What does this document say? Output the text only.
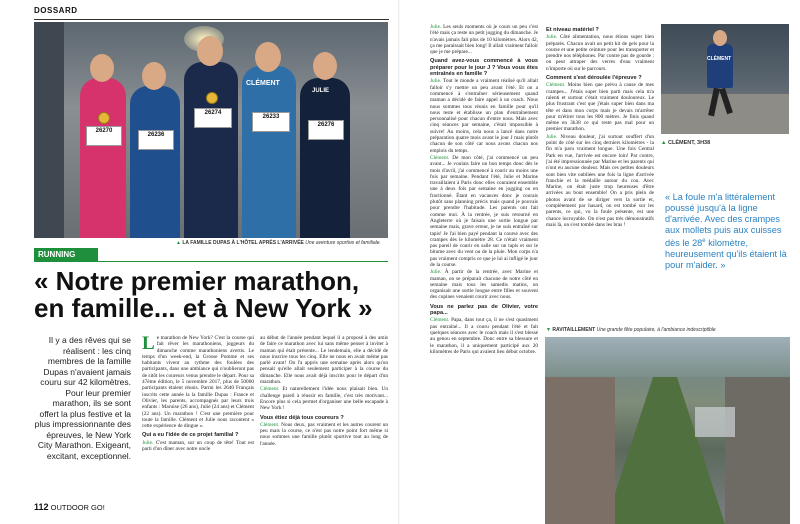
DOSSARD
26270
26236
26274
CLÉMENT
26233
JULIE
26276
▲ LA FAMILLE DUPAS À L'HÔTEL APRÈS L'ARRIVÉE Une aventure sportive et familiale.
RUNNING
« Notre premier marathon, en famille... et à New York »
Il y a des rêves qui se réalisent : les cinq membres de la famille Dupas n'avaient jamais couru sur 42 kilomètres. Pour leur premier marathon, ils se sont offert la plus festive et la plus impressionnante des épreuves, le New York City Marathon. Exigeant, excitant, exceptionnel.

Le marathon de New York? C'est la course qui fait rêver les marathoniens, joggeurs du dimanche comme marathoniens avertis. Le temps d'un week-end, la Grosse Pomme et ses habitants vivent au rythme des foulées des participants, dans une ambiance qui n'oublieront pas de sitôt les coureurs venus prendre le départ. Pour sa 47ème édition, le 5 novembre 2017, plus de 50000 participants étaient réunis. Parmi les 2640 Français inscrits cette année la la famille Dupas : France et Olivier, les parents, accompagnés par leurs trois enfants : Maruise (26 ans), Julie (24 ans) et Clément (22 ans). Un marathon ! C'est une première pour toute la famille. Clément et Julie nous racontent « cette expérience de dingue ».

Qui a eu l'idée de ce projet familial ?

Julie. C'est maman, sur un coup de tête! Tout est parti d'un dîner avec notre oncle

au début de l'année pendant lequel il a proposé à des amis de faire ce marathon avec lui sans même penser à inviter à maman qui était présente... Le lendemain, elle a décidé de nous inscrire tous les cinq. Elle ne nous en avait même pas parlé avant! On l'a appris une semaine après alors qu'on pensait qu'elle allait seulement participer à la course du dimanche. Elle nous avait déjà inscrits pour le départ d'un marathon.

Clément. Et naturellement l'idée nous plaisait bien. Un challenge pareil à réussir en famille, c'est très motivant... Encore plus si cela permet d'organiser une belle escapade à New York !

Vous étiez déjà tous coureurs ?

Clément. Nous deux, pas vraiment et les autres courent un peu mais la course, ce n'est pas notre point fort même si nous sommes une famille plutôt sportive tout au long de l'année.

112 OUTDOOR GO!

Julie. Les seuls moments où je cours un peu c'est l'été mais ça reste un petit jogging du dimanche. Je n'avais jamais fait plus de 10 kilomètres. Alors 42, ça me paraissait bien long! Il allait vraiment falloir que je me prépare...

Quand avez-vous commencé à vous préparer pour le jour J ? Vous vous êtes entraînés en famille ?

Julie. Tout le monde a vraiment réalisé qu'il allait falloir s'y mettre un peu avant l'été. Et on a commencé à s'entraîner sérieusement quand maman a décidé de faire appel à un coach. Nous nous sommes tous réunis en famille pour qu'il nous teste et établisse un plan d'entraînement personnalisé pour chacun d'entre nous. Mais avec cinq séances par semaine, c'était impossible à suivre! Au moins, cela nous a lancé dans notre préparation quatre mois avant le jour J mais plutôt chacun de son côté car nous avons chacun nos emplois du temps.

Clément. De mon côté, j'ai commencé un peu avant... Je voulais faire un bon temps donc dès le mois d'avril, j'ai commencé à courir au moins une fois par semaine. Pendant l'été, Julie et Marine travaillaient à Paris donc elles couraient ensemble une à deux fois par semaine en jogging ou en fractionné. Étant en vacances donc je courais plutôt sans planning précis mais quand je pouvais pour prendre l'habitude. Les parents ont fait comme moi. À la rentrée, je suis retourné en Angleterre où je faisais une sortie longue par semaine mais, grave erreur, je ne suis entraîné sur tapis! Je l'ai bien payé pendant la course avec des crampes dès le kilomètre 28. Ce n'était vraiment pas pareil de courir en salle sur un tapis et sur le bitume avec du vent ou de la pluie. Mon corps n'a pas vraiment compris ce que je lui ai infligé le jour de la course.

Julie. À partir de la rentrée, avec Marine et maman, on se préparait chacune de notre côté en semaine mais tous les samedis matins, on organisait une sortie longue entre filles et souvent des copines venaient courir avec nous.

Vous ne parlez pas de Olivier, votre papa...

Clément. Papa, dans tout ça, il ne s'est quasiment pas entraîné... Il a couru pendant l'été et fait quelques séances avec le coach mais il s'est blessé au genou en septembre. Donc entre sa blessure et le marathon, il a uniquement participé aux 20 kilomètres de Paris qui avaient lieu début octobre.

Et niveau matériel ?

Julie. Côté alimentation, nous étions super bien préparés. Chacun avait un petit kit de gels pour la course et une petite ceinture pour les transporter et prendre nos téléphones. Par contre pas de gourde : on peut attraper des verres d'eau vraiment n'importe où sur le parcours.

Comment s'est déroulée l'épreuve ?

Clément. Moins bien que prévu à cause de mes crampes... J'étais super bien parti mais cela m'a ralenti et surtout c'était vraiment douloureux. Le plus frustrant c'est que j'étais super bien dans ma tête et dans mon corps mais je devais m'arrêter pour m'étirer tous les 800 mètres. Je finis quand même en 3h38 ce qui reste pas mal pour un premier marathon.

Julie. Niveau douleur, j'ai surtout souffert d'un point de côté sur les cinq derniers kilomètres - la fin m'a paru vraiment longue. Une fois Central Park en vue, l'arrivée est encore loin! Par contre, j'ai été impressionnée par Marine et les parents qui n'ont eu aucune douleur. Mais ces petites douleurs sont bien vite oubliées une fois la ligne d'arrivée franchie et la médaille autour du cou. Avec Marine, on était juste trop heureuses d'être arrivées au bout ensemble! On a pris plein de photos avant de se diriger vers la sortie et, complètement par hasard, on est tombé sur les parents, ce qui, vu la foule présente, est une chance incroyable. On n'est pas très démonstratifs mais là, on s'est tombé dans les bras !

CLÉMENT
▲ CLÉMENT, 3H38
« La foule m'a littéralement poussé jusqu'à la ligne d'arrivée. Avec des crampes aux mollets puis aux cuisses dès le 28e kilomètre, heureusement qu'ils étaient là pour m'aider. »
▼ RAVITAILLEMENT Une grande fête populaire, à l'ambiance indescriptible
